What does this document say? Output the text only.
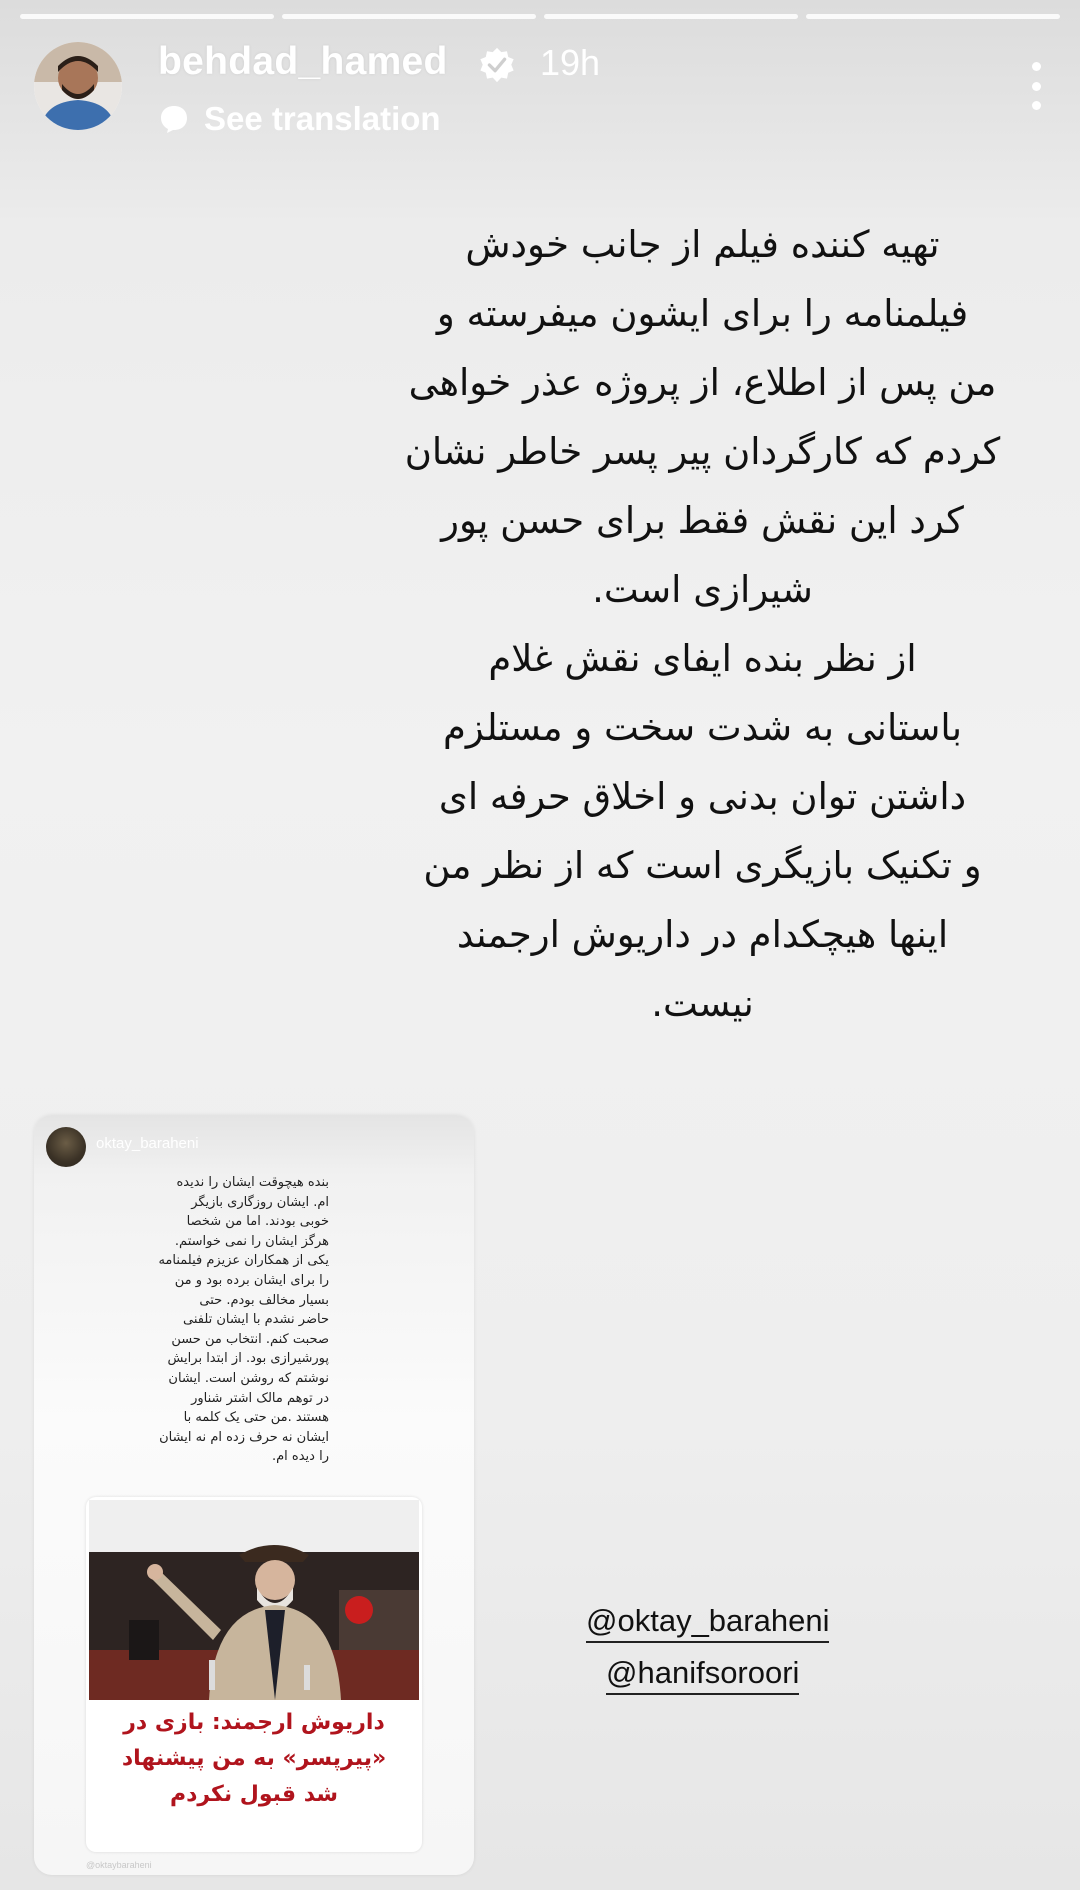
behdad_hamed	19h
See translation
تهیه کننده فیلم از جانب خودش
فیلمنامه را برای ایشون میفرسته و
من پس از اطلاع، از پروژه عذر خواهی
کردم که کارگردان پیر پسر خاطر نشان
کرد این نقش فقط برای حسن پور
شیرازی است.
از نظر بنده ایفای نقش غلام
باستانی به شدت سخت و مستلزم
داشتن توان بدنی و اخلاق حرفه ای
و تکنیک بازیگری است که از نظر من
اینها هیچکدام در داریوش ارجمند
نیست.
oktay_baraheni
بنده هیچوقت ایشان را ندیده
ام. ایشان روزگاری بازیگر
خوبی بودند. اما من شخصا
هرگز ایشان را نمی خواستم.
یکی از همکاران عزیزم فیلمنامه
را برای ایشان برده بود و من
بسیار مخالف بودم. حتی
حاضر نشدم با ایشان تلفنی
صحبت کنم. انتخاب من حسن
پورشیرازی بود. از ابتدا برایش
نوشتم که روشن است. ایشان
در توهم مالک اشتر شناور
هستند .من حتی یک کلمه با
ایشان نه حرف زده ام نه ایشان
را دیده ام.
داریوش ارجمند: بازی در
«پیرپسر» به من پیشنهاد
شد قبول نکردم
@oktaybaraheni
@oktay_baraheni
@hanifsoroori
